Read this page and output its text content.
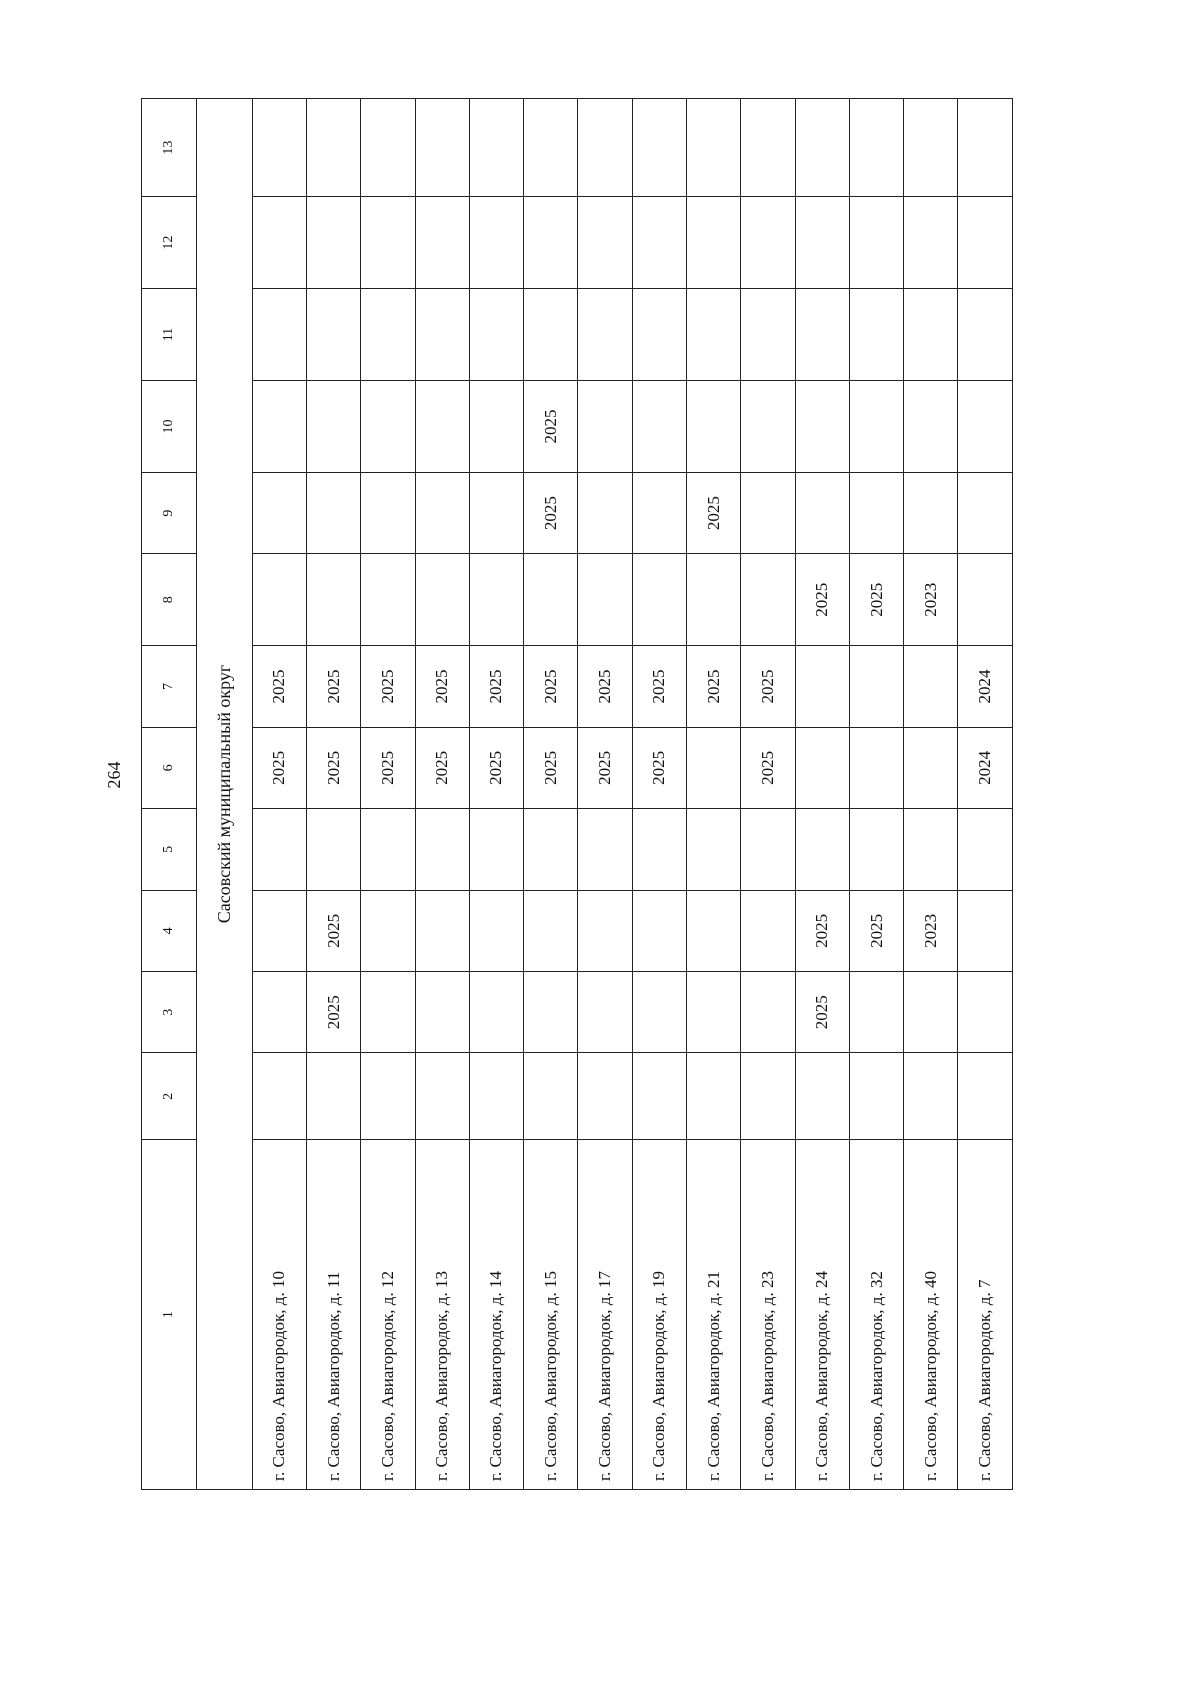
264
1	2	3	4	5	6	7	8	9	10	11	12	13
Сасовский муниципальный округ												
г. Сасово, Авиагородок, д. 10					2025	2025						
г. Сасово, Авиагородок, д. 11		2025	2025		2025	2025						
г. Сасово, Авиагородок, д. 12					2025	2025						
г. Сасово, Авиагородок, д. 13					2025	2025						
г. Сасово, Авиагородок, д. 14					2025	2025						
г. Сасово, Авиагородок, д. 15					2025	2025		2025	2025			
г. Сасово, Авиагородок, д. 17					2025	2025						
г. Сасово, Авиагородок, д. 19					2025	2025						
г. Сасово, Авиагородок, д. 21						2025		2025				
г. Сасово, Авиагородок, д. 23					2025	2025						
г. Сасово, Авиагородок, д. 24		2025	2025				2025					
г. Сасово, Авиагородок, д. 32			2025				2025					
г. Сасово, Авиагородок, д. 40			2023				2023					
г. Сасово, Авиагородок, д. 7					2024	2024						
